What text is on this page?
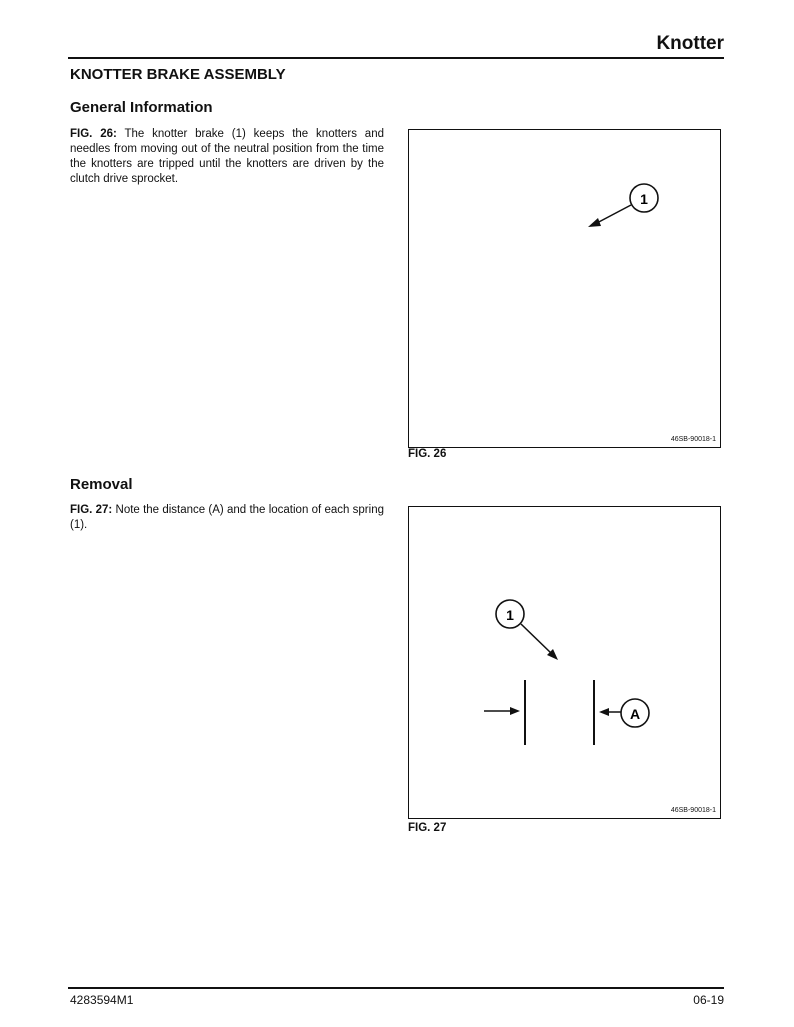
Knotter
KNOTTER BRAKE ASSEMBLY
General Information

FIG. 26: The knotter brake (1) keeps the knotters and needles from moving out of the neutral position from the time the knotters are tripped until the knotters are driven by the clutch drive sprocket.

1

46SB-90018-1

FIG. 26

Removal

FIG. 27: Note the distance (A) and the location of each spring (1).

1
A

46SB-90018-1

FIG. 27

4283594M1	06-19
